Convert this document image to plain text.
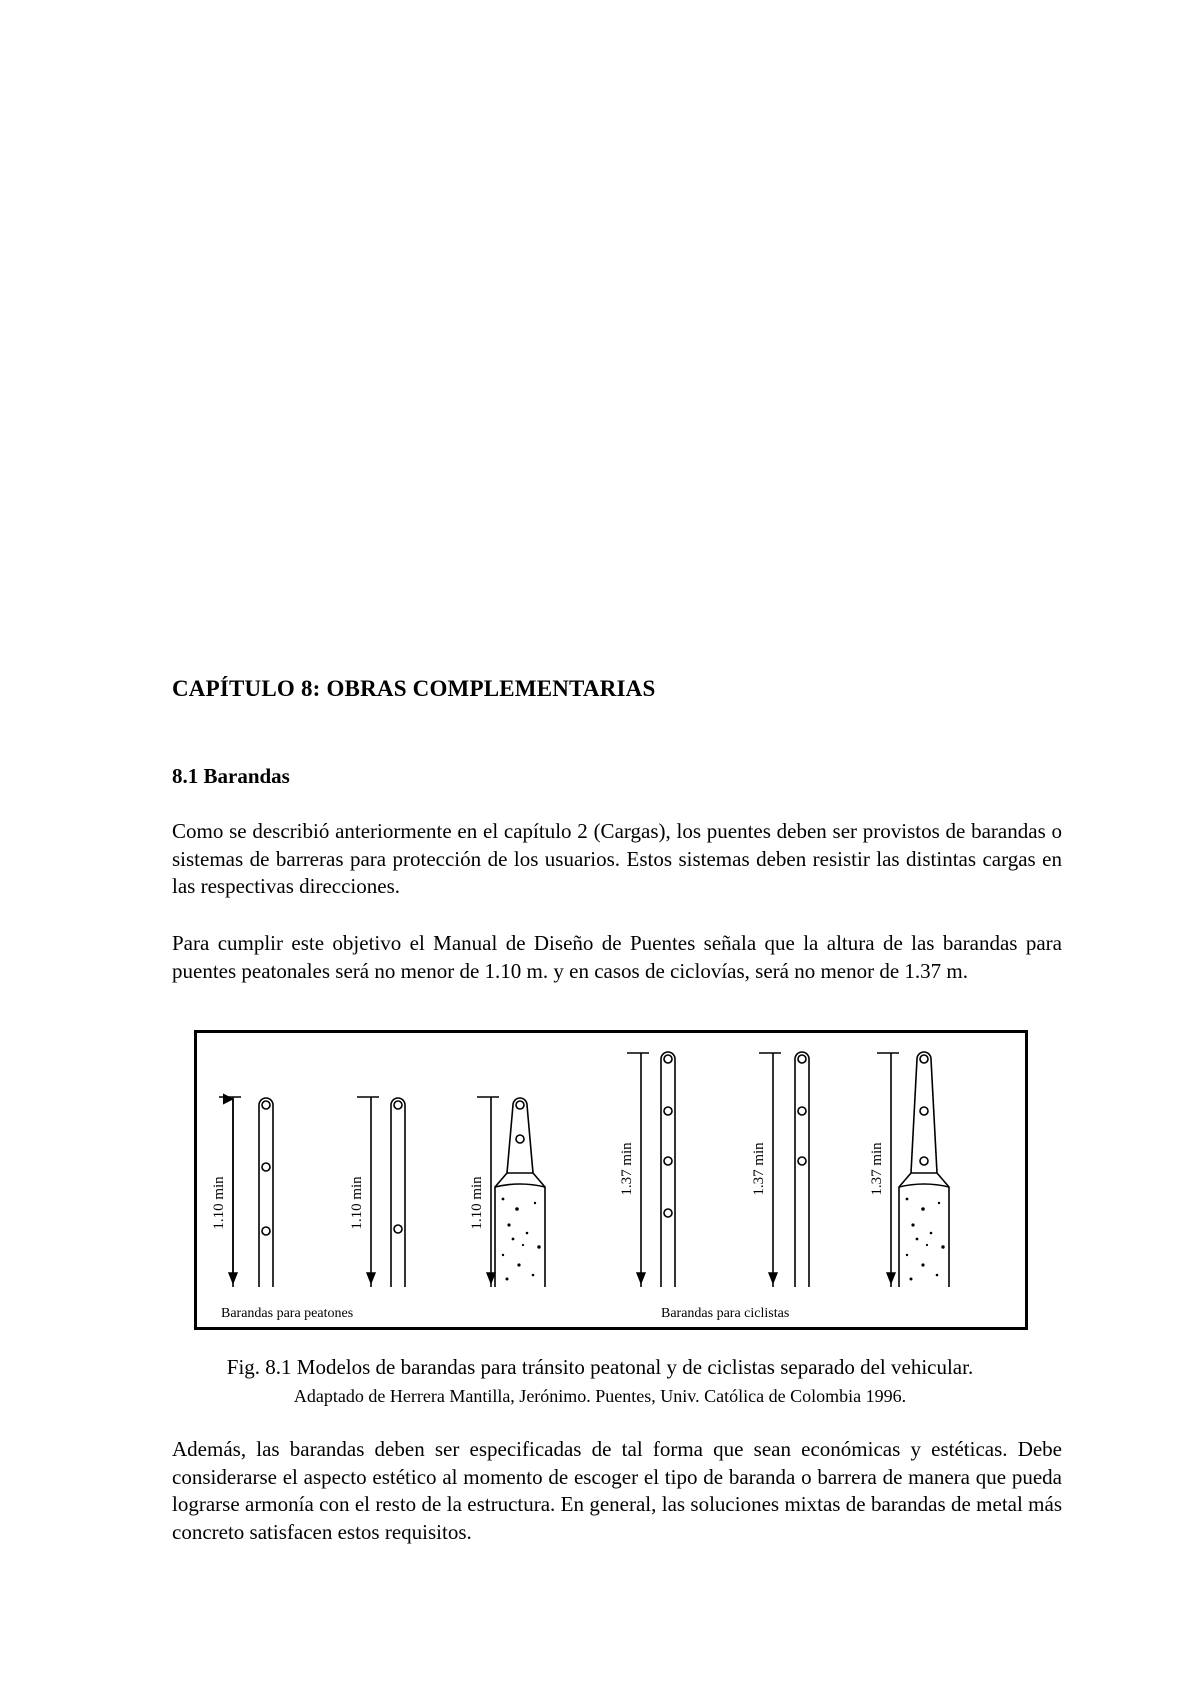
CAPÍTULO 8: OBRAS COMPLEMENTARIAS
8.1 Barandas

Como se describió anteriormente en el capítulo 2 (Cargas), los puentes deben ser provistos de barandas o sistemas de barreras para protección de los usuarios. Estos sistemas deben resistir las distintas cargas en las respectivas direcciones.

Para cumplir este objetivo el Manual de Diseño de Puentes señala que la altura de las barandas para puentes peatonales será no menor de 1.10 m. y en casos de ciclovías, será no menor de 1.37 m.

1.10 min	1.10 min	1.10 min
1.37 min	1.37 min	1.37 min
Barandas para peatones	Barandas para ciclistas

Fig. 8.1 Modelos de barandas para tránsito peatonal y de ciclistas separado del vehicular.

Adaptado de Herrera Mantilla, Jerónimo. Puentes, Univ. Católica de Colombia 1996.

Además, las barandas deben ser especificadas de tal forma que sean económicas y estéticas. Debe considerarse el aspecto estético al momento de escoger el tipo de baranda o barrera de manera que pueda lograrse armonía con el resto de la estructura. En general, las soluciones mixtas de barandas de metal más concreto satisfacen estos requisitos.
